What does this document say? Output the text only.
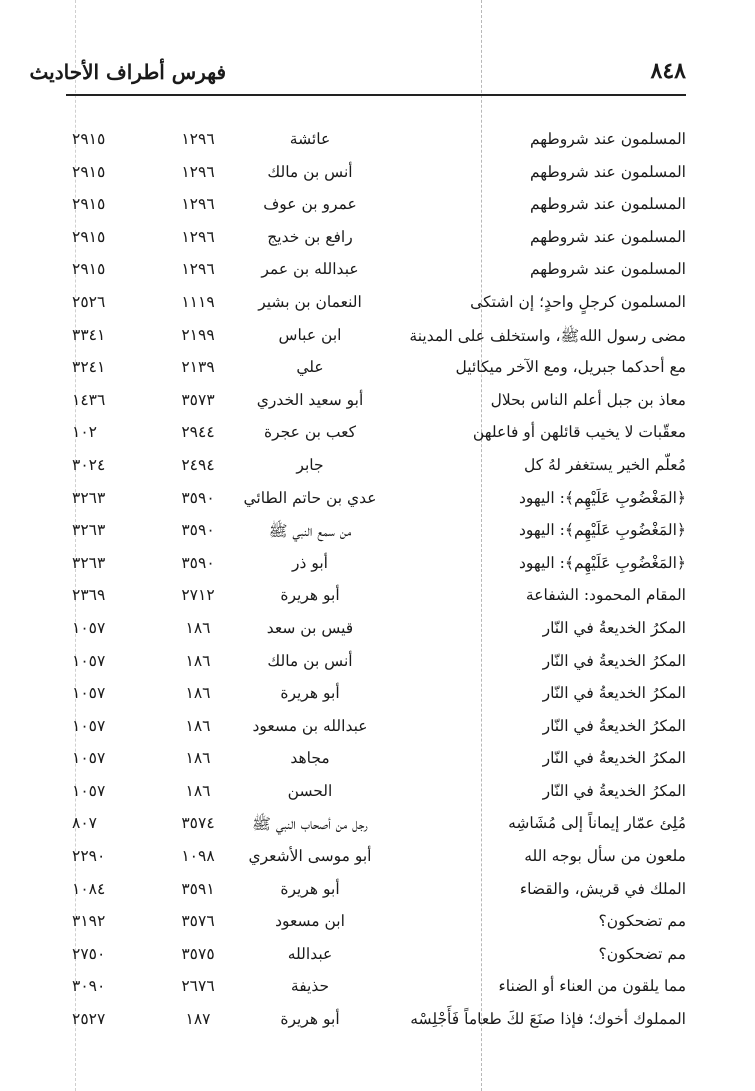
٨٤٨
فهرس أطراف الأحاديث
المسلمون عند شروطهم
عائشة
١٢٩٦
٢٩١٥
المسلمون عند شروطهم
أنس بن مالك
١٢٩٦
٢٩١٥
المسلمون عند شروطهم
عمرو بن عوف
١٢٩٦
٢٩١٥
المسلمون عند شروطهم
رافع بن خديج
١٢٩٦
٢٩١٥
المسلمون عند شروطهم
عبدالله بن عمر
١٢٩٦
٢٩١٥
المسلمون كرجلٍ واحدٍ؛ إن اشتكى
النعمان بن بشير
١١١٩
٢٥٢٦
مضى رسول اللهﷺ، واستخلف على المدينة
ابن عباس
٢١٩٩
٣٣٤١
مع أحدكما جبريل، ومع الآخر ميكائيل
علي
٢١٣٩
٣٢٤١
معاذ بن جبل أعلم الناس بحلال
أبو سعيد الخدري
٣٥٧٣
١٤٣٦
معقّبات لا يخيب قائلهن أو فاعلهن
كعب بن عجرة
٢٩٤٤
١٠٢
مُعلّم الخير يستغفر لهُ كل
جابر
٢٤٩٤
٣٠٢٤
﴿المَغْضُوبِ عَلَيْهِم﴾: اليهود
عدي بن حاتم الطائي
٣٥٩٠
٣٢٦٣
﴿المَغْضُوبِ عَلَيْهِم﴾: اليهود
من سمع النبي ﷺ
٣٥٩٠
٣٢٦٣
﴿المَغْضُوبِ عَلَيْهِم﴾: اليهود
أبو ذر
٣٥٩٠
٣٢٦٣
المقام المحمود: الشفاعة
أبو هريرة
٢٧١٢
٢٣٦٩
المكرُ الخديعةُ في النّار
قيس بن سعد
١٨٦
١٠٥٧
المكرُ الخديعةُ في النّار
أنس بن مالك
١٨٦
١٠٥٧
المكرُ الخديعةُ في النّار
أبو هريرة
١٨٦
١٠٥٧
المكرُ الخديعةُ في النّار
عبدالله بن مسعود
١٨٦
١٠٥٧
المكرُ الخديعةُ في النّار
مجاهد
١٨٦
١٠٥٧
المكرُ الخديعةُ في النّار
الحسن
١٨٦
١٠٥٧
مُلِئ عمّار إيماناً إلى مُشَاشِه
رجل من أصحاب النبي ﷺ
٣٥٧٤
٨٠٧
ملعون من سأل بوجه الله
أبو موسى الأشعري
١٠٩٨
٢٢٩٠
الملك في قريش، والقضاء
أبو هريرة
٣٥٩١
١٠٨٤
مم تضحكون؟
ابن مسعود
٣٥٧٦
٣١٩٢
مم تضحكون؟
عبدالله
٣٥٧٥
٢٧٥٠
مما يلقون من العناء أو الضناء
حذيفة
٢٦٧٦
٣٠٩٠
المملوك أخوك؛ فإذا صنَعَ لكَ طعاماً فَأَجْلِسْه
أبو هريرة
١٨٧
٢٥٢٧
